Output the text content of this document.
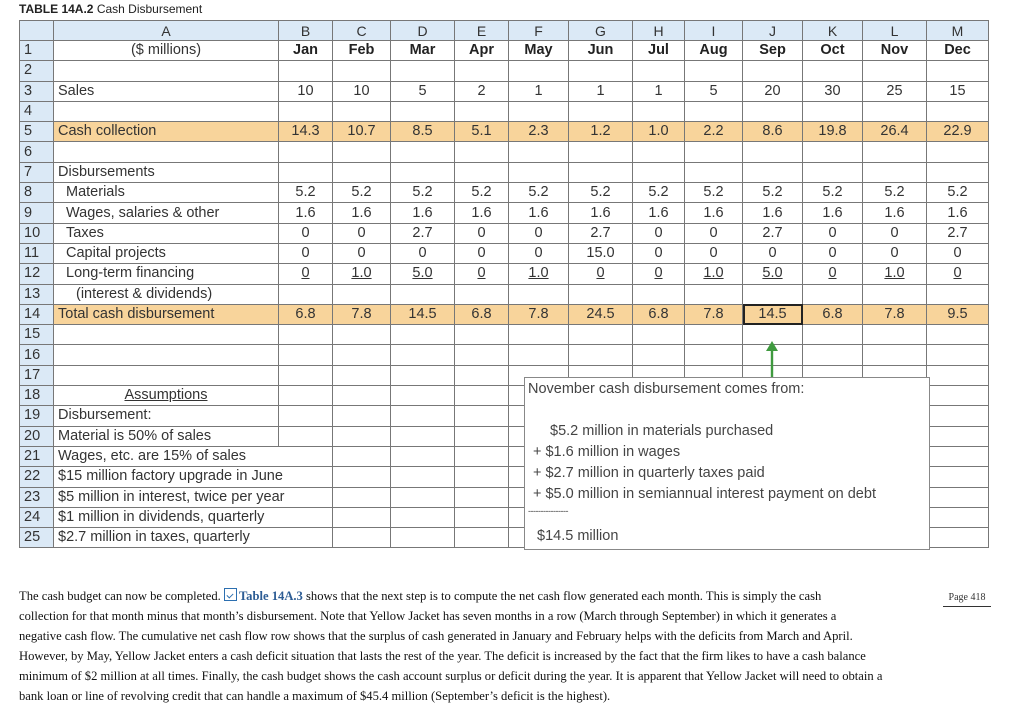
TABLE 14A.2 Cash Disbursement
	A	B	C	D	E	F	G	H	I	J	K	L	M
1	($ millions)	Jan	Feb	Mar	Apr	May	Jun	Jul	Aug	Sep	Oct	Nov	Dec
2													
3	Sales	10	10	5	2	1	1	1	5	20	30	25	15
4													
5	Cash collection	14.3	10.7	8.5	5.1	2.3	1.2	1.0	2.2	8.6	19.8	26.4	22.9
6													
7	Disbursements												
8	Materials	5.2	5.2	5.2	5.2	5.2	5.2	5.2	5.2	5.2	5.2	5.2	5.2
9	Wages, salaries & other	1.6	1.6	1.6	1.6	1.6	1.6	1.6	1.6	1.6	1.6	1.6	1.6
10	Taxes	0	0	2.7	0	0	2.7	0	0	2.7	0	0	2.7
11	Capital projects	0	0	0	0	0	15.0	0	0	0	0	0	0
12	Long-term financing	0	1.0	5.0	0	1.0	0	0	1.0	5.0	0	1.0	0
13	(interest & dividends)												
14	Total cash disbursement	6.8	7.8	14.5	6.8	7.8	24.5	6.8	7.8	14.5	6.8	7.8	9.5
15													
16													
17													
18	Assumptions												
19	Disbursement:												
20	Material is 50% of sales												
21	Wages, etc. are 15% of sales												
22	$15 million factory upgrade in June												
23	$5 million in interest, twice per year												
24	$1 million in dividends, quarterly												
25	$2.7 million in taxes, quarterly												
November cash disbursement comes from:
$5.2 million in materials purchased
+ $1.6 million in wages
+ $2.7 million in quarterly taxes paid
+ $5.0 million in semiannual interest payment on debt
----------------
$14.5 million
Page 418
The cash budget can now be completed. Table 14A.3 shows that the next step is to compute the net cash flow generated each month. This is simply the cash
collection for that month minus that month’s disbursement. Note that Yellow Jacket has seven months in a row (March through September) in which it generates a
negative cash flow. The cumulative net cash flow row shows that the surplus of cash generated in January and February helps with the deficits from March and April.
However, by May, Yellow Jacket enters a cash deficit situation that lasts the rest of the year. The deficit is increased by the fact that the firm likes to have a cash balance
minimum of $2 million at all times. Finally, the cash budget shows the cash account surplus or deficit during the year. It is apparent that Yellow Jacket will need to obtain a
bank loan or line of revolving credit that can handle a maximum of $45.4 million (September’s deficit is the highest).
